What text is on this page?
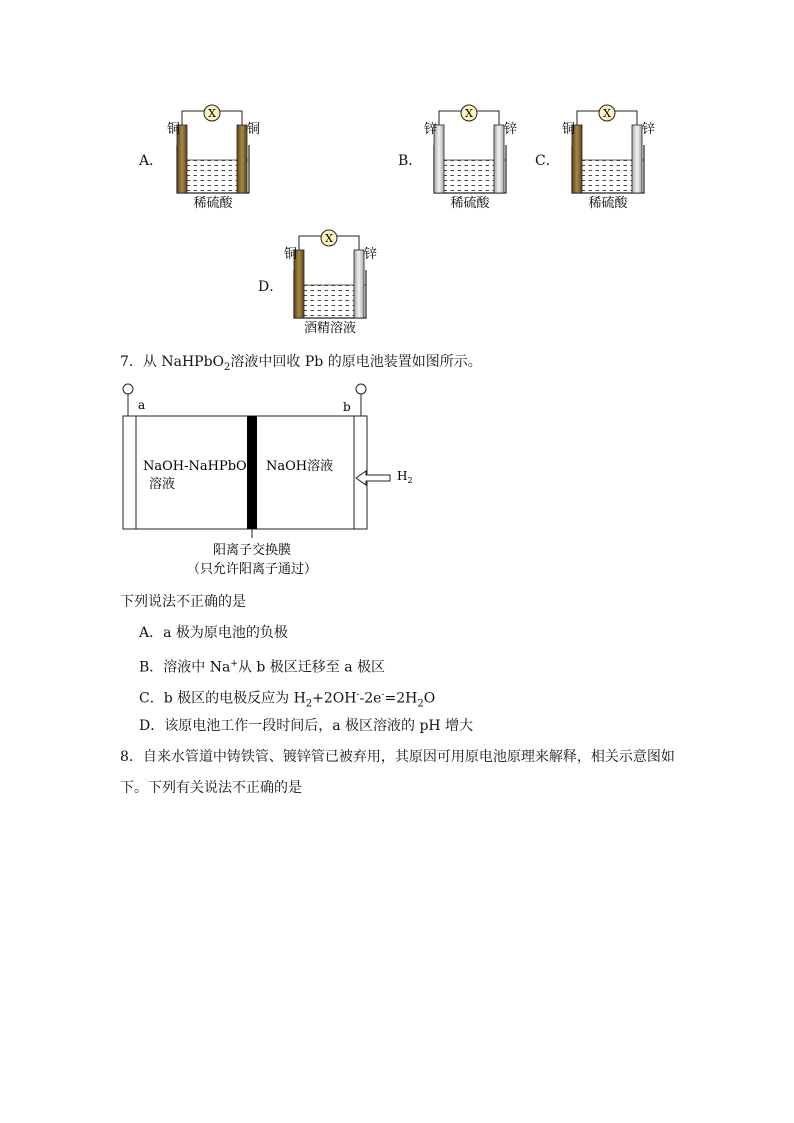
A．
X
铜	铜
稀硫酸
B．
X
锌	锌
稀硫酸
C．
X
铜	锌
稀硫酸
D．
X
铜	锌
酒精溶液
7．从 NaHPbO$_2$溶液中回收 Pb 的原电池装置如图所示。
a	b
NaOH-NaHPbO$_2$
溶液
NaOH溶液
$H_2$
阳离子交换膜
（只允许阳离子通过）
下列说法不正确的是
A．a 极为原电池的负极
B．溶液中 Na+从 b 极区迁移至 a 极区
C．b 极区的电极反应为 $H_2+2OH^--2e^-=2H_2O$
D．该原电池工作一段时间后，a 极区溶液的 pH 增大
8．自来水管道中铸铁管、镀锌管已被弃用，其原因可用原电池原理来解释，相关示意图如
下。下列有关说法不正确的是
